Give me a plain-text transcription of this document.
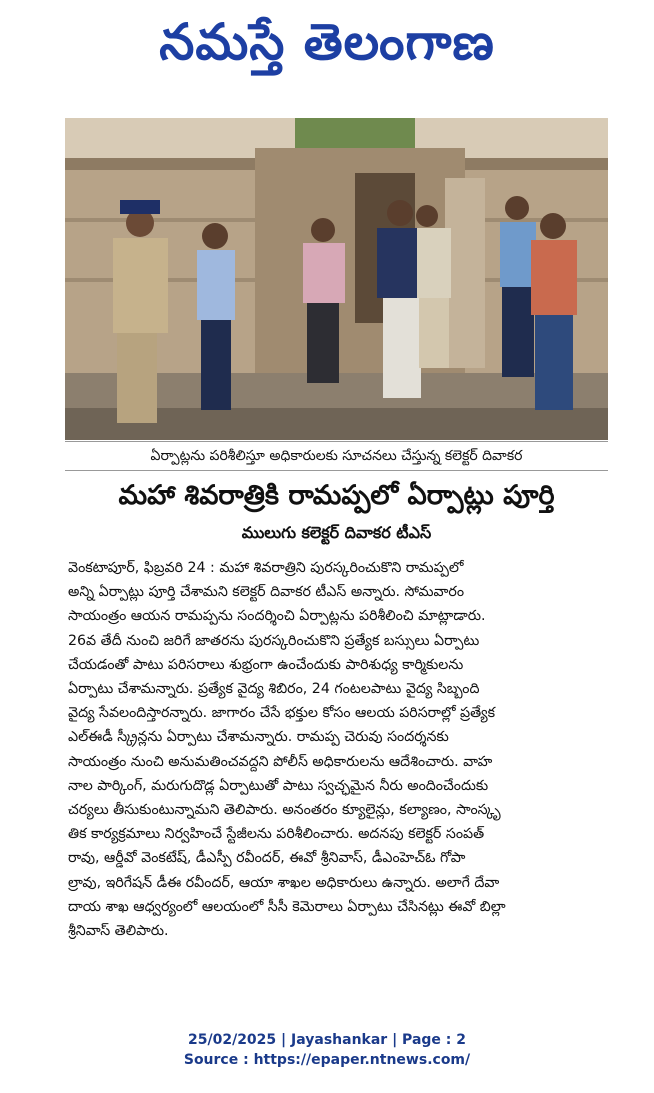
నమస్తే తెలంగాణ
ఏర్పాట్లను పరిశీలిస్తూ అధికారులకు సూచనలు చేస్తున్న కలెక్టర్ దివాకర
మహా శివరాత్రికి రామప్పలో ఏర్పాట్లు పూర్తి
ములుగు కలెక్టర్ దివాకర టీఎస్
వెంకటాపూర్, ఫిబ్రవరి 24 : మహా శివరాత్రిని పురస్కరించుకొని రామప్పలో
అన్ని ఏర్పాట్లు పూర్తి చేశామని కలెక్టర్ దివాకర టీఎస్ అన్నారు. సోమవారం
సాయంత్రం ఆయన రామప్పను సందర్శించి ఏర్పాట్లను పరిశీలించి మాట్లాడారు.
26వ తేదీ నుంచి జరిగే జాతరను పురస్కరించుకొని ప్రత్యేక బస్సులు ఏర్పాటు
చేయడంతో పాటు పరిసరాలు శుభ్రంగా ఉంచేందుకు పారిశుధ్య కార్మికులను
ఏర్పాటు చేశామన్నారు. ప్రత్యేక వైద్య శిబిరం, 24 గంటలపాటు వైద్య సిబ్బంది
వైద్య సేవలందిస్తారన్నారు. జాగారం చేసే భక్తుల కోసం ఆలయ పరిసరాల్లో ప్రత్యేక
ఎల్ఈడీ స్క్రీన్లను ఏర్పాటు చేశామన్నారు. రామప్ప చెరువు సందర్శనకు
సాయంత్రం నుంచి అనుమతించవద్దని పోలీస్ అధికారులను ఆదేశించారు. వాహ
నాల పార్కింగ్, మరుగుదొడ్ల ఏర్పాటుతో పాటు స్వచ్ఛమైన నీరు అందించేందుకు
చర్యలు తీసుకుంటున్నామని తెలిపారు. అనంతరం క్యూలైన్లు, కల్యాణం, సాంస్కృ
తిక కార్యక్రమాలు నిర్వహించే స్టేజీలను పరిశీలించారు. అదనపు కలెక్టర్ సంపత్
రావు, ఆర్డీవో వెంకటేష్, డీఎస్పీ రవీందర్, ఈవో శ్రీనివాస్, డీఎంహెచ్ఓ గోపా
ల్రావు, ఇరిగేషన్ డీఈ రవీందర్, ఆయా శాఖల అధికారులు ఉన్నారు. అలాగే దేవా
దాయ శాఖ ఆధ్వర్యంలో ఆలయంలో సీసీ కెమెరాలు ఏర్పాటు చేసినట్లు ఈవో బిల్లా
శ్రీనివాస్ తెలిపారు.
25/02/2025 | Jayashankar | Page : 2
Source : https://epaper.ntnews.com/
